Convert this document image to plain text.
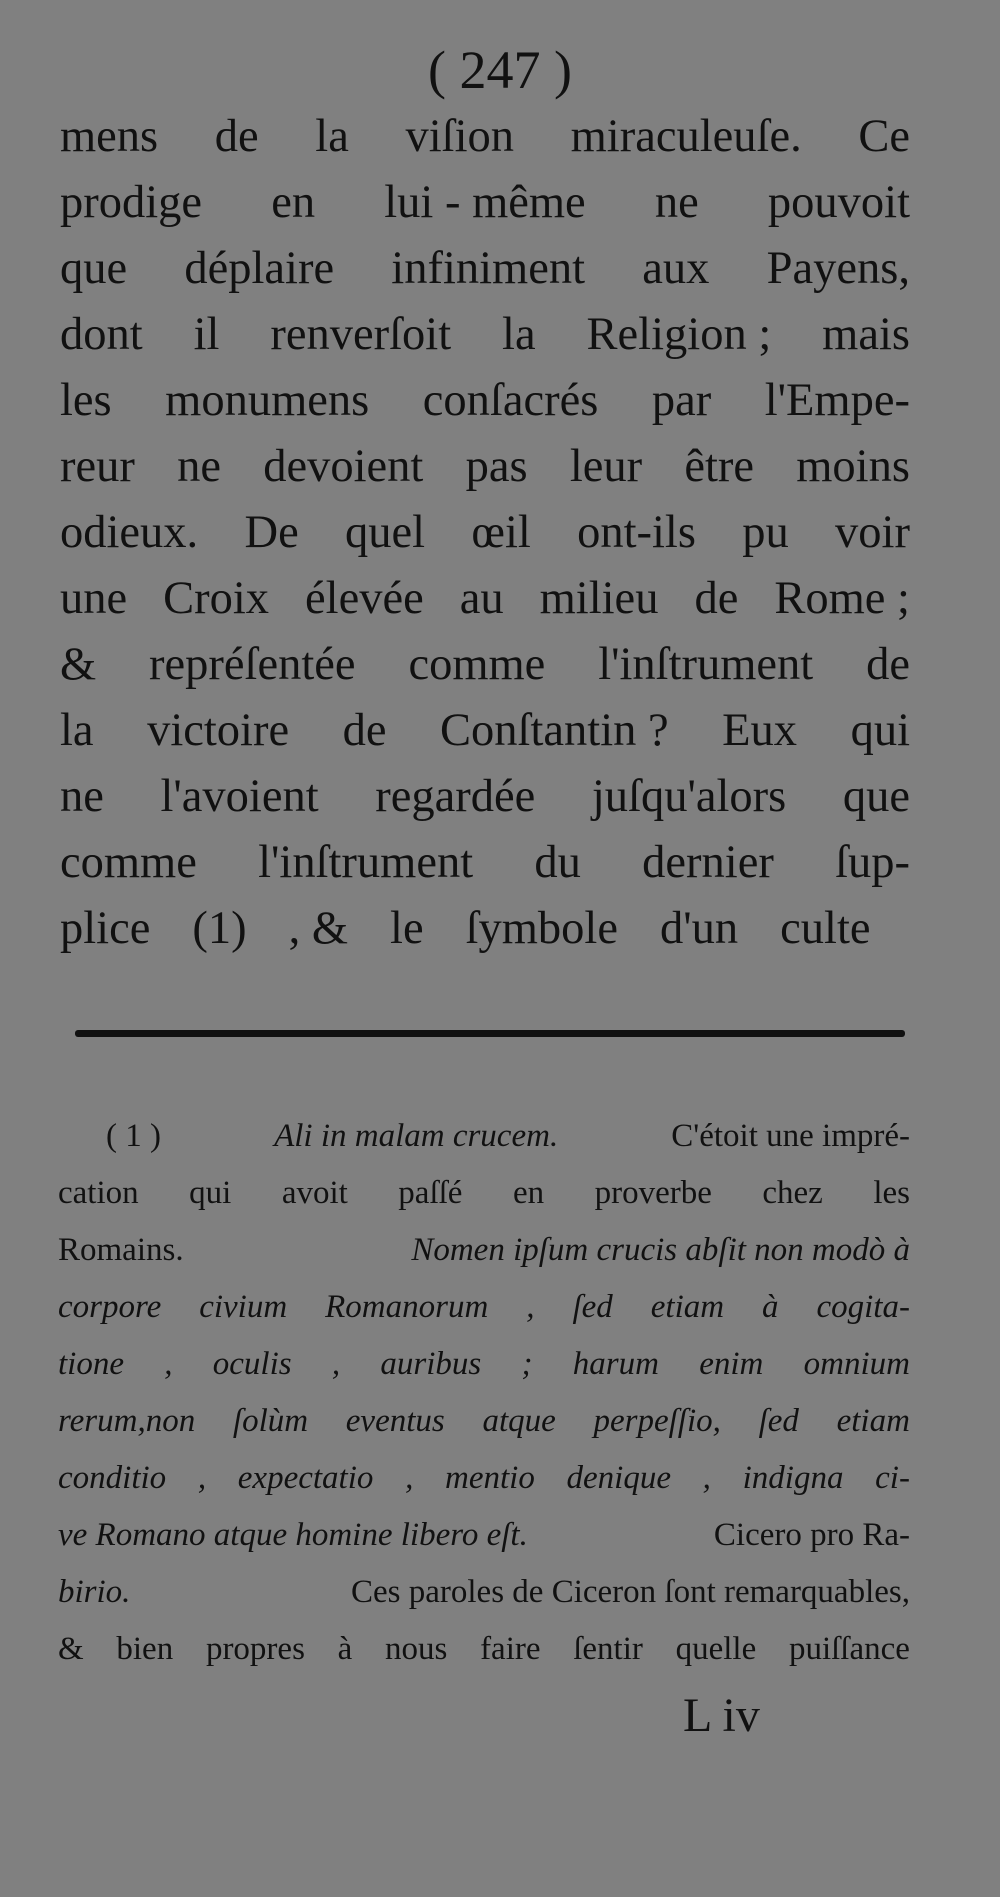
( 247 )
mens de la viſion miraculeuſe. Ce
prodige en lui - même ne pouvoit
que déplaire infiniment aux Payens,
dont il renverſoit la Religion ; mais
les monumens conſacrés par l'Empe-
reur ne devoient pas leur être moins
odieux. De quel œil ont-ils pu voir
une Croix élevée au milieu de Rome ;
& repréſentée comme l'inſtrument de
la victoire de Conſtantin ? Eux qui
ne l'avoient regardée juſqu'alors que
comme l'inſtrument du dernier ſup-
plice (1) , & le ſymbole d'un culte
( 1 )	Ali in malam crucem.	C'étoit une impré-
cation qui avoit paſſé en proverbe chez les
Romains.	Nomen ipſum crucis abſit non modò à
corpore civium Romanorum , ſed etiam à cogita-
tione , oculis , auribus ; harum enim omnium
rerum,non ſolùm eventus atque perpeſſio, ſed etiam
conditio , expectatio , mentio denique , indigna ci-
ve Romano atque homine libero eſt.	Cicero pro Ra-
birio.	Ces paroles de Ciceron ſont remarquables,
& bien propres à nous faire ſentir quelle puiſſance
L iv
